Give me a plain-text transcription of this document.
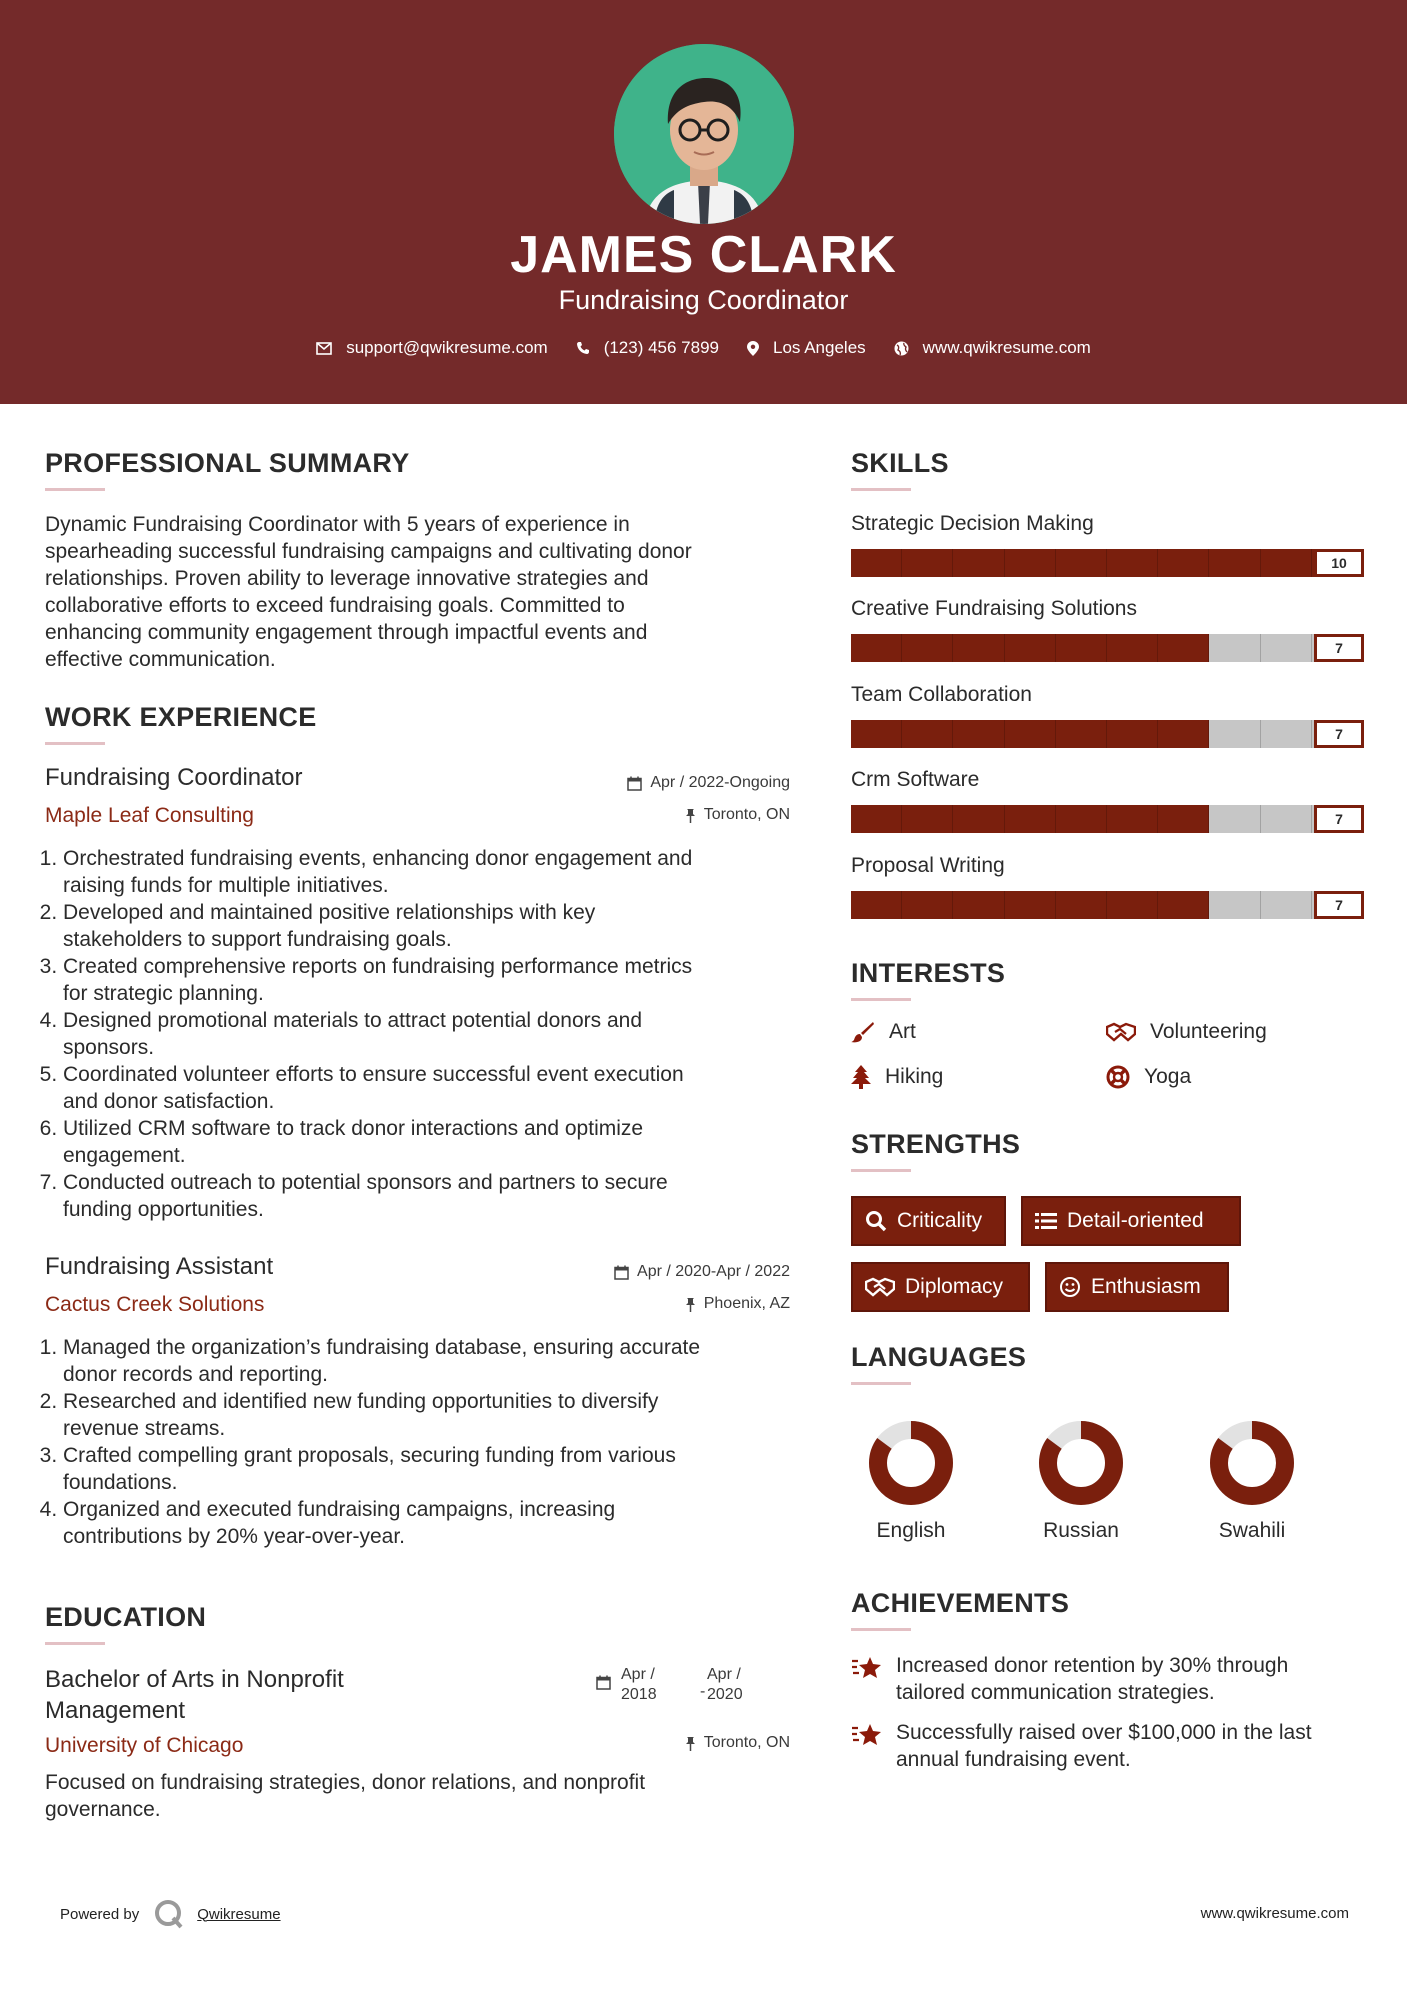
JAMES CLARK
Fundraising Coordinator
support@qwikresume.com	(123) 456 7899	Los Angeles	www.qwikresume.com
PROFESSIONAL SUMMARY
Dynamic Fundraising Coordinator with 5 years of experience in
spearheading successful fundraising campaigns and cultivating donor
relationships. Proven ability to leverage innovative strategies and
collaborative efforts to exceed fundraising goals. Committed to
enhancing community engagement through impactful events and
effective communication.
WORK EXPERIENCE
Fundraising Coordinator
Maple Leaf Consulting
Apr / 2022-Ongoing
Toronto, ON
1. Orchestrated fundraising events, enhancing donor engagement and
raising funds for multiple initiatives.
2. Developed and maintained positive relationships with key
stakeholders to support fundraising goals.
3. Created comprehensive reports on fundraising performance metrics
for strategic planning.
4. Designed promotional materials to attract potential donors and
sponsors.
5. Coordinated volunteer efforts to ensure successful event execution
and donor satisfaction.
6. Utilized CRM software to track donor interactions and optimize
engagement.
7. Conducted outreach to potential sponsors and partners to secure
funding opportunities.
Fundraising Assistant
Cactus Creek Solutions
Apr / 2020-Apr / 2022
Phoenix, AZ
1. Managed the organization’s fundraising database, ensuring accurate
donor records and reporting.
2. Researched and identified new funding opportunities to diversify
revenue streams.
3. Crafted compelling grant proposals, securing funding from various
foundations.
4. Organized and executed fundraising campaigns, increasing
contributions by 20% year-over-year.
EDUCATION
Bachelor of Arts in Nonprofit
Management
University of Chicago
Apr /
2018	-
Apr /
2020
Toronto, ON
Focused on fundraising strategies, donor relations, and nonprofit
governance.
SKILLS
Strategic Decision Making
10
Creative Fundraising Solutions
7
Team Collaboration
7
Crm Software
7
Proposal Writing
7
INTERESTS
Art	Volunteering
Hiking	Yoga
STRENGTHS
Criticality	Detail-oriented
Diplomacy	Enthusiasm
LANGUAGES
English	Russian	Swahili
ACHIEVEMENTS
Increased donor retention by 30% through
tailored communication strategies.
Successfully raised over $100,000 in the last
annual fundraising event.
Powered by	Qwikresume	www.qwikresume.com
